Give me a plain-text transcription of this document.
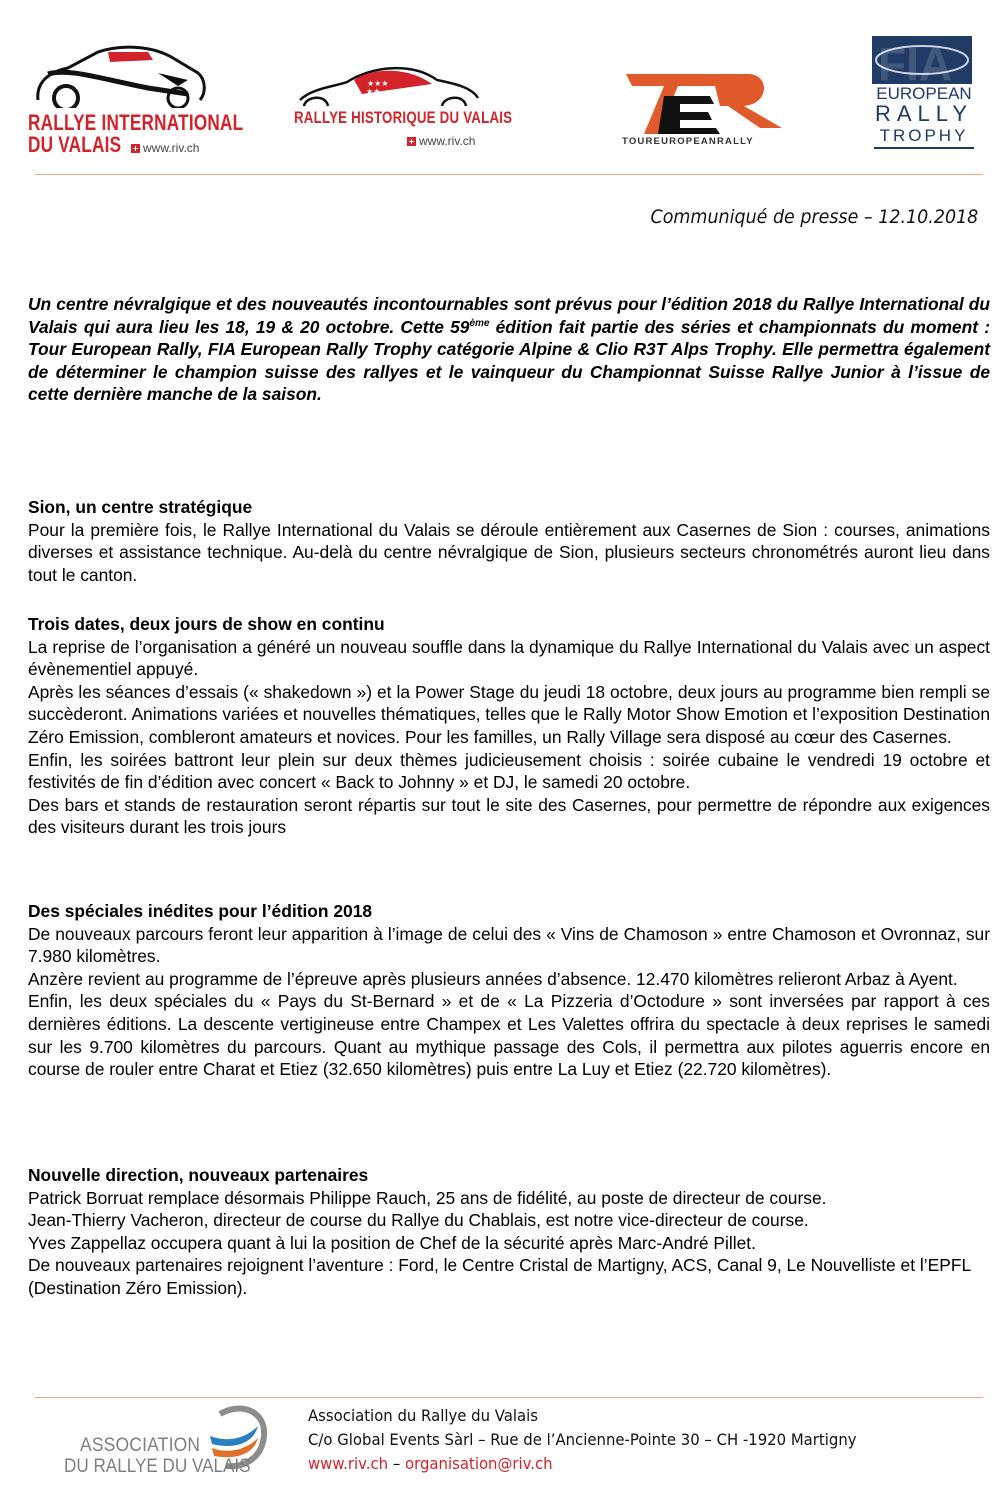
RALLYE INTERNATIONAL
DU VALAIS	www.riv.ch
★★★
★★
RALLYE HISTORIQUE DU VALAIS
www.riv.ch	TOUREUROPEANRALLY
FIA
EUROPEAN
RALLY
TROPHY
Communiqué de presse – 12.10.2018
Un centre névralgique et des nouveautés incontournables sont prévus pour l’édition 2018 du Rallye International du Valais qui aura lieu les 18, 19 & 20 octobre. Cette 59ème édition fait partie des séries et championnats du moment : Tour European Rally, FIA European Rally Trophy catégorie Alpine & Clio R3T Alps Trophy. Elle permettra également de déterminer le champion suisse des rallyes et le vainqueur du Championnat Suisse Rallye Junior à l’issue de cette dernière manche de la saison.
Sion, un centre stratégique

Pour la première fois, le Rallye International du Valais se déroule entièrement aux Casernes de Sion : courses, animations diverses et assistance technique. Au-delà du centre névralgique de Sion, plusieurs secteurs chronométrés auront lieu dans tout le canton.

Trois dates, deux jours de show en continu

La reprise de l’organisation a généré un nouveau souffle dans la dynamique du Rallye International du Valais avec un aspect évènementiel appuyé.

Après les séances d’essais (« shakedown ») et la Power Stage du jeudi 18 octobre, deux jours au programme bien rempli se succèderont. Animations variées et nouvelles thématiques, telles que le Rally Motor Show Emotion et l’exposition Destination Zéro Emission, combleront amateurs et novices. Pour les familles, un Rally Village sera disposé au cœur des Casernes.

Enfin, les soirées battront leur plein sur deux thèmes judicieusement choisis : soirée cubaine le vendredi 19 octobre et festivités de fin d’édition avec concert « Back to Johnny » et DJ, le samedi 20 octobre.

Des bars et stands de restauration seront répartis sur tout le site des Casernes, pour permettre de répondre aux exigences des visiteurs durant les trois jours

Des spéciales inédites pour l’édition 2018

De nouveaux parcours feront leur apparition à l’image de celui des « Vins de Chamoson » entre Chamoson et Ovronnaz, sur 7.980 kilomètres.

Anzère revient au programme de l’épreuve après plusieurs années d’absence. 12.470 kilomètres relieront Arbaz à Ayent.

Enfin, les deux spéciales du « Pays du St-Bernard » et de « La Pizzeria d’Octodure » sont inversées par rapport à ces dernières éditions. La descente vertigineuse entre Champex et Les Valettes offrira du spectacle à deux reprises le samedi sur les 9.700 kilomètres du parcours. Quant au mythique passage des Cols, il permettra aux pilotes aguerris encore en course de rouler entre Charat et Etiez (32.650 kilomètres) puis entre La Luy et Etiez (22.720 kilomètres).

Nouvelle direction, nouveaux partenaires

Patrick Borruat remplace désormais Philippe Rauch, 25 ans de fidélité, au poste de directeur de course.

Jean-Thierry Vacheron, directeur de course du Rallye du Chablais, est notre vice-directeur de course.

Yves Zappellaz occupera quant à lui la position de Chef de la sécurité après Marc-André Pillet.

De nouveaux partenaires rejoignent l’aventure : Ford, le Centre Cristal de Martigny, ACS, Canal 9, Le Nouvelliste et l’EPFL (Destination Zéro Emission).

ASSOCIATION
DU RALLYE DU VALAIS
Association du Rallye du Valais
C/o Global Events Sàrl – Rue de l’Ancienne-Pointe 30 – CH -1920 Martigny
www.riv.ch – organisation@riv.ch
